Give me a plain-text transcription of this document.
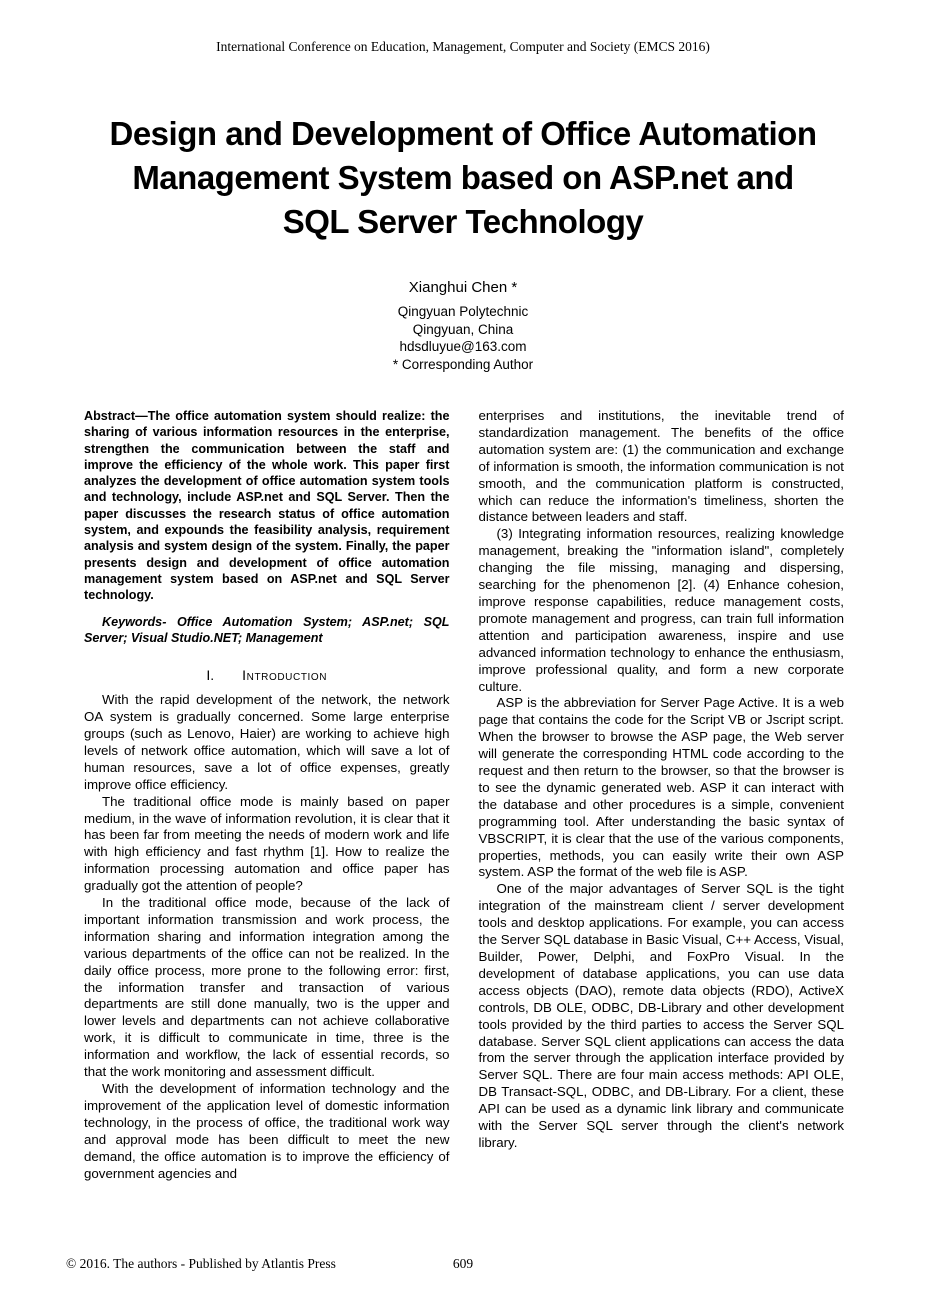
International Conference on Education, Management, Computer and Society (EMCS 2016)
Design and Development of Office Automation
Management System based on ASP.net and
SQL Server Technology
Xianghui Chen *
Qingyuan Polytechnic
Qingyuan, China
hdsdluyue@163.com
* Corresponding Author

Abstract—The office automation system should realize: the sharing of various information resources in the enterprise, strengthen the communication between the staff and improve the efficiency of the whole work. This paper first analyzes the development of office automation system tools and technology, include ASP.net and SQL Server. Then the paper discusses the research status of office automation system, and expounds the feasibility analysis, requirement analysis and system design of the system. Finally, the paper presents design and development of office automation management system based on ASP.net and SQL Server technology.

Keywords- Office Automation System; ASP.net; SQL Server; Visual Studio.NET; Management

I. Introduction

With the rapid development of the network, the network OA system is gradually concerned. Some large enterprise groups (such as Lenovo, Haier) are working to achieve high levels of network office automation, which will save a lot of human resources, save a lot of office expenses, greatly improve office efficiency.

The traditional office mode is mainly based on paper medium, in the wave of information revolution, it is clear that it has been far from meeting the needs of modern work and life with high efficiency and fast rhythm [1]. How to realize the information processing automation and office paper has gradually got the attention of people?

In the traditional office mode, because of the lack of important information transmission and work process, the information sharing and information integration among the various departments of the office can not be realized. In the daily office process, more prone to the following error: first, the information transfer and transaction of various departments are still done manually, two is the upper and lower levels and departments can not achieve collaborative work, it is difficult to communicate in time, three is the information and workflow, the lack of essential records, so that the work monitoring and assessment difficult.

With the development of information technology and the improvement of the application level of domestic information technology, in the process of office, the traditional work way and approval mode has been difficult to meet the new demand, the office automation is to improve the efficiency of government agencies and

enterprises and institutions, the inevitable trend of standardization management. The benefits of the office automation system are: (1) the communication and exchange of information is smooth, the information communication is not smooth, and the communication platform is constructed, which can reduce the information's timeliness, shorten the distance between leaders and staff.

(3) Integrating information resources, realizing knowledge management, breaking the "information island", completely changing the file missing, managing and dispersing, searching for the phenomenon [2]. (4) Enhance cohesion, improve response capabilities, reduce management costs, promote management and progress, can train full information attention and participation awareness, inspire and use advanced information technology to enhance the enthusiasm, improve professional quality, and form a new corporate culture.

ASP is the abbreviation for Server Page Active. It is a web page that contains the code for the Script VB or Jscript script. When the browser to browse the ASP page, the Web server will generate the corresponding HTML code according to the request and then return to the browser, so that the browser is to see the dynamic generated web. ASP it can interact with the database and other procedures is a simple, convenient programming tool. After understanding the basic syntax of VBSCRIPT, it is clear that the use of the various components, properties, methods, you can easily write their own ASP system. ASP the format of the web file is ASP.

One of the major advantages of Server SQL is the tight integration of the mainstream client / server development tools and desktop applications. For example, you can access the Server SQL database in Basic Visual, C++ Access, Visual, Builder, Power, Delphi, and FoxPro Visual. In the development of database applications, you can use data access objects (DAO), remote data objects (RDO), ActiveX controls, DB OLE, ODBC, DB-Library and other development tools provided by the third parties to access the Server SQL database. Server SQL client applications can access the data from the server through the application interface provided by Server SQL. There are four main access methods: API OLE, DB Transact-SQL, ODBC, and DB-Library. For a client, these API can be used as a dynamic link library and communicate with the Server SQL server through the client's network library.

© 2016. The authors - Published by Atlantis Press	609
